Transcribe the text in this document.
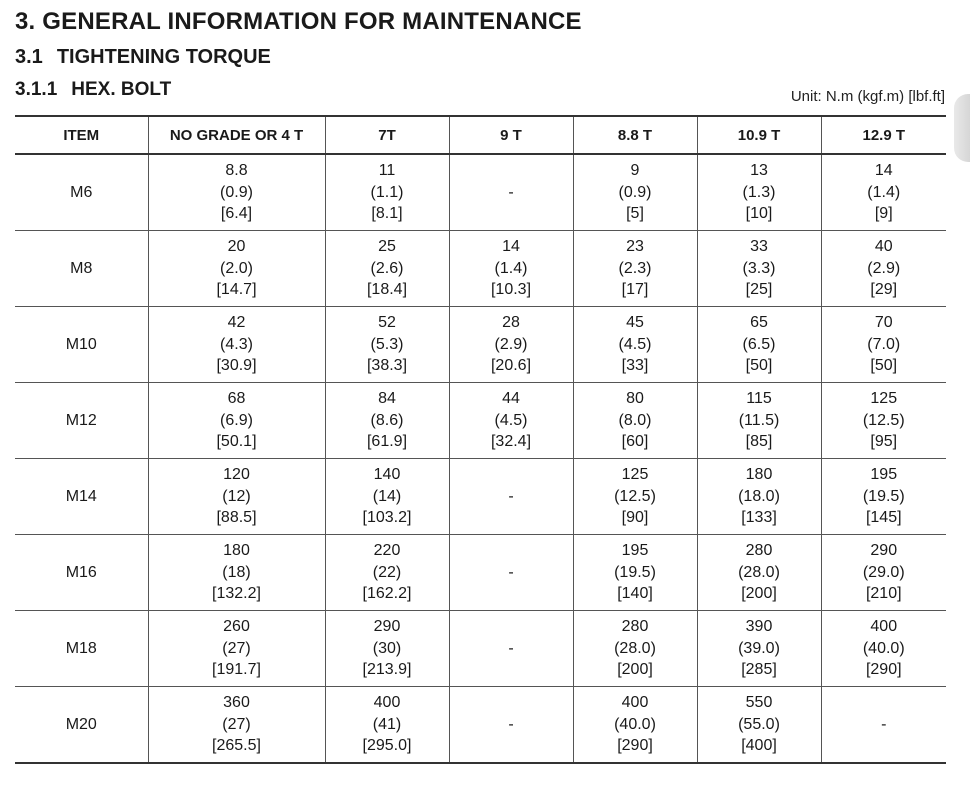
3. GENERAL INFORMATION FOR MAINTENANCE
3.1 TIGHTENING TORQUE
3.1.1 HEX. BOLT	Unit: N.m (kgf.m) [lbf.ft]
ITEM	NO GRADE OR 4 T	7T	9 T	8.8 T	10.9 T	12.9 T
M6	8.8
(0.9)
[6.4]	11
(1.1)
[8.1]	-	9
(0.9)
[5]	13
(1.3)
[10]	14
(1.4)
[9]

M8	20
(2.0)
[14.7]	25
(2.6)
[18.4]	14
(1.4)
[10.3]	23
(2.3)
[17]	33
(3.3)
[25]	40
(2.9)
[29]

M10	42
(4.3)
[30.9]	52
(5.3)
[38.3]	28
(2.9)
[20.6]	45
(4.5)
[33]	65
(6.5)
[50]	70
(7.0)
[50]

M12	68
(6.9)
[50.1]	84
(8.6)
[61.9]	44
(4.5)
[32.4]	80
(8.0)
[60]	115
(11.5)
[85]	125
(12.5)
[95]

M14	120
(12)
[88.5]	140
(14)
[103.2]	-	125
(12.5)
[90]	180
(18.0)
[133]	195
(19.5)
[145]

M16	180
(18)
[132.2]	220
(22)
[162.2]	-	195
(19.5)
[140]	280
(28.0)
[200]	290
(29.0)
[210]

M18	260
(27)
[191.7]	290
(30)
[213.9]	-	280
(28.0)
[200]	390
(39.0)
[285]	400
(40.0)
[290]

M20	360
(27)
[265.5]	400
(41)
[295.0]	-	400
(40.0)
[290]	550
(55.0)
[400]	-
